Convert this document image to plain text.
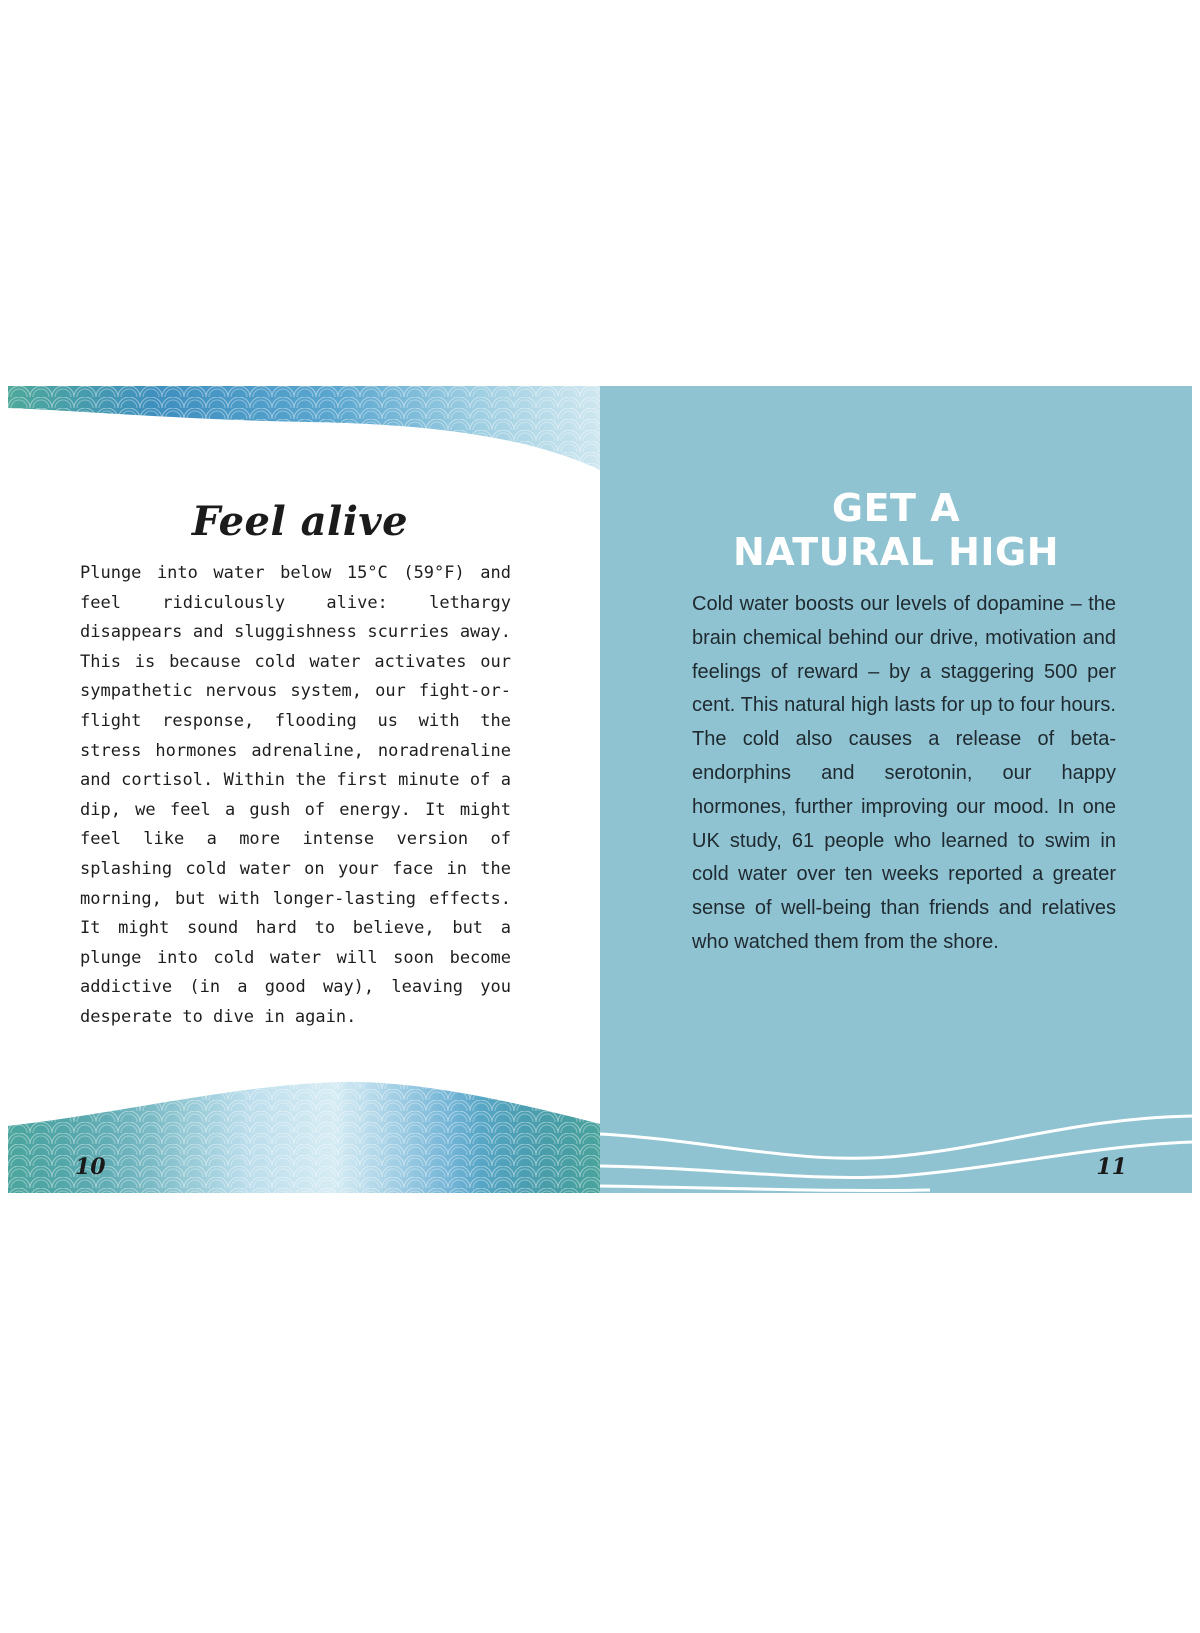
Feel alive

Plunge into water below 15°C (59°F) and feel ridiculously alive: lethargy disappears and sluggishness scurries away. This is because cold water activates our sympathetic nervous system, our fight-or-flight response, flooding us with the stress hormones adrenaline, noradrenaline and cortisol. Within the first minute of a dip, we feel a gush of energy. It might feel like a more intense version of splashing cold water on your face in the morning, but with longer-lasting effects. It might sound hard to believe, but a plunge into cold water will soon become addictive (in a good way), leaving you desperate to dive in again.

10

GET A
NATURAL HIGH

Cold water boosts our levels of dopamine – the brain chemical behind our drive, motivation and feelings of reward – by a staggering 500 per cent. This natural high lasts for up to four hours. The cold also causes a release of beta-endorphins and serotonin, our happy hormones, further improving our mood. In one UK study, 61 people who learned to swim in cold water over ten weeks reported a greater sense of well-being than friends and relatives who watched them from the shore.

11
